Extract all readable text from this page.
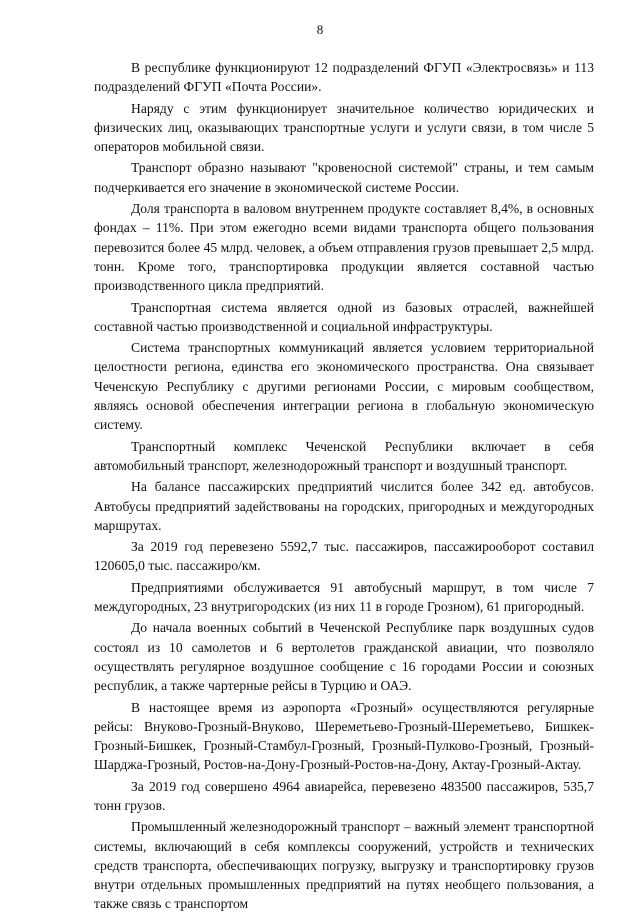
8

В республике функционируют 12 подразделений ФГУП «Электросвязь» и 113 подразделений ФГУП «Почта России».

Наряду с этим функционирует значительное количество юридических и физических лиц, оказывающих транспортные услуги и услуги связи, в том числе 5 операторов мобильной связи.

Транспорт образно называют "кровеносной системой" страны, и тем самым подчеркивается его значение в экономической системе России.

Доля транспорта в валовом внутреннем продукте составляет 8,4%, в основных фондах – 11%. При этом ежегодно всеми видами транспорта общего пользования перевозится более 45 млрд. человек, а объем отправления грузов превышает 2,5 млрд. тонн. Кроме того, транспортировка продукции является составной частью производственного цикла предприятий.

Транспортная система является одной из базовых отраслей, важнейшей составной частью производственной и социальной инфраструктуры.

Система транспортных коммуникаций является условием территориальной целостности региона, единства его экономического пространства. Она связывает Чеченскую Республику с другими регионами России, с мировым сообществом, являясь основой обеспечения интеграции региона в глобальную экономическую систему.

Транспортный комплекс Чеченской Республики включает в себя автомобильный транспорт, железнодорожный транспорт и воздушный транспорт.

На балансе пассажирских предприятий числится более 342 ед. автобусов. Автобусы предприятий задействованы на городских, пригородных и междугородных маршрутах.

За 2019 год перевезено 5592,7 тыс. пассажиров, пассажирооборот составил 120605,0 тыс. пассажиро/км.

Предприятиями обслуживается 91 автобусный маршрут, в том числе 7 междугородных, 23 внутригородских (из них 11 в городе Грозном), 61 пригородный.

До начала военных событий в Чеченской Республике парк воздушных судов состоял из 10 самолетов и 6 вертолетов гражданской авиации, что позволяло осуществлять регулярное воздушное сообщение с 16 городами России и союзных республик, а также чартерные рейсы в Турцию и ОАЭ.

В настоящее время из аэропорта «Грозный» осуществляются регулярные рейсы: Внуково-Грозный-Внуково, Шереметьево-Грозный-Шереметьево, Бишкек-Грозный-Бишкек, Грозный-Стамбул-Грозный, Грозный-Пулково-Грозный, Грозный-Шарджа-Грозный, Ростов-на-Дону-Грозный-Ростов-на-Дону, Актау-Грозный-Актау.

За 2019 год совершено 4964 авиарейса, перевезено 483500 пассажиров, 535,7 тонн грузов.

Промышленный железнодорожный транспорт – важный элемент транспортной системы, включающий в себя комплексы сооружений, устройств и технических средств транспорта, обеспечивающих погрузку, выгрузку и транспортировку грузов внутри отдельных промышленных предприятий на путях необщего пользования, а также связь с транспортом
